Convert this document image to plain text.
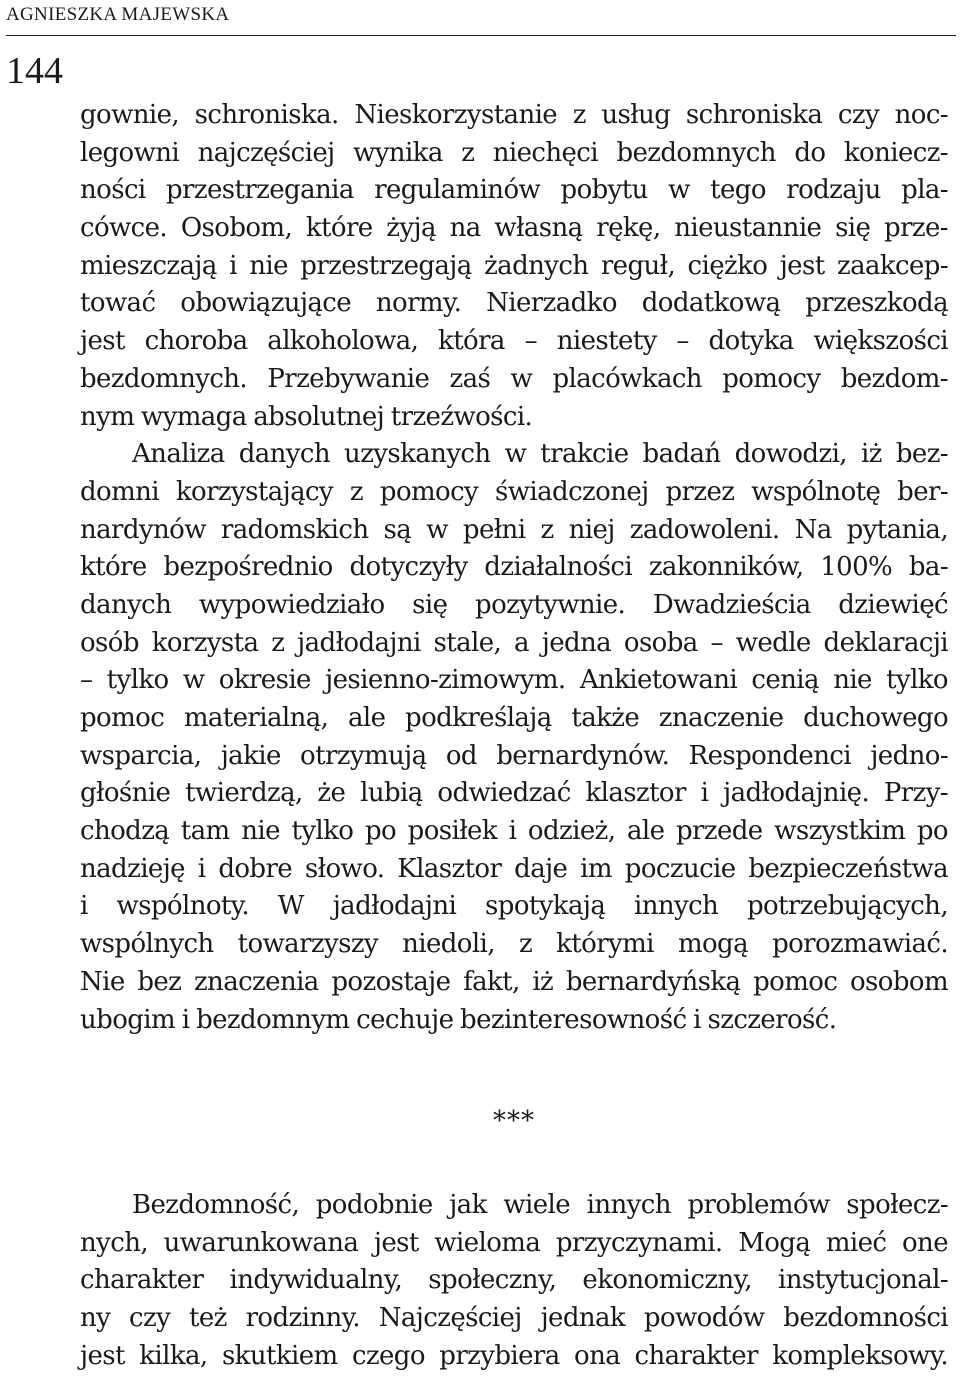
AGNIESZKA MAJEWSKA
144
gownie, schroniska. Nieskorzystanie z usług schroniska czy noc-
legowni najczęściej wynika z niechęci bezdomnych do koniecz-
ności przestrzegania regulaminów pobytu w tego rodzaju pla-
cówce. Osobom, które żyją na własną rękę, nieustannie się prze-
mieszczają i nie przestrzegają żadnych reguł, ciężko jest zaakcep-
tować obowiązujące normy. Nierzadko dodatkową przeszkodą
jest choroba alkoholowa, która – niestety – dotyka większości
bezdomnych. Przebywanie zaś w placówkach pomocy bezdom-
nym wymaga absolutnej trzeźwości.
Analiza danych uzyskanych w trakcie badań dowodzi, iż bez-
domni korzystający z pomocy świadczonej przez wspólnotę ber-
nardynów radomskich są w pełni z niej zadowoleni. Na pytania,
które bezpośrednio dotyczyły działalności zakonników, 100% ba-
danych wypowiedziało się pozytywnie. Dwadzieścia dziewięć
osób korzysta z jadłodajni stale, a jedna osoba – wedle deklaracji
– tylko w okresie jesienno-zimowym. Ankietowani cenią nie tylko
pomoc materialną, ale podkreślają także znaczenie duchowego
wsparcia, jakie otrzymują od bernardynów. Respondenci jedno-
głośnie twierdzą, że lubią odwiedzać klasztor i jadłodajnię. Przy-
chodzą tam nie tylko po posiłek i odzież, ale przede wszystkim po
nadzieję i dobre słowo. Klasztor daje im poczucie bezpieczeństwa
i wspólnoty. W jadłodajni spotykają innych potrzebujących,
wspólnych towarzyszy niedoli, z którymi mogą porozmawiać.
Nie bez znaczenia pozostaje fakt, iż bernardyńską pomoc osobom
ubogim i bezdomnym cechuje bezinteresowność i szczerość.
***
Bezdomność, podobnie jak wiele innych problemów społecz-
nych, uwarunkowana jest wieloma przyczynami. Mogą mieć one
charakter indywidualny, społeczny, ekonomiczny, instytucjonal-
ny czy też rodzinny. Najczęściej jednak powodów bezdomności
jest kilka, skutkiem czego przybiera ona charakter kompleksowy.
